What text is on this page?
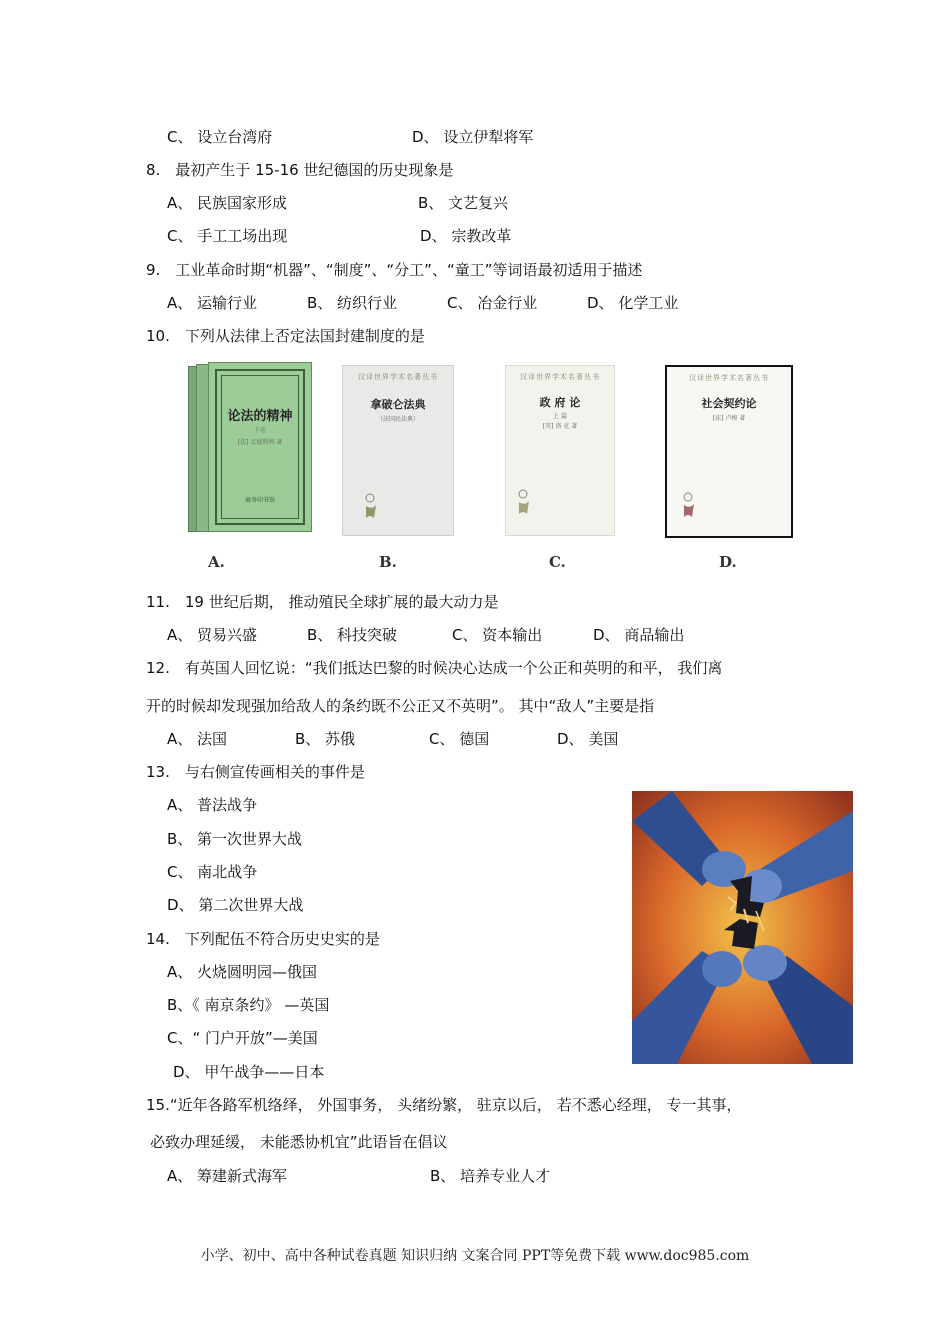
C、 设立台湾府	D、 设立伊犁将军
8.　最初产生于 15-16 世纪德国的历史现象是
A、 民族国家形成	B、 文艺复兴
C、 手工工场出现	D、 宗教改革
9.　工业革命时期“机器”、“制度”、“分工”、“童工”等词语最初适用于描述
A、 运输行业	B、 纺织行业	C、 冶金行业	D、 化学工业
10.　下列从法律上否定法国封建制度的是
论法的精神
下卷
[法] 孟德斯鸠 著
商务印书馆
A.
汉译世界学术名著丛书
拿破仑法典
（法国民法典）
B.
汉译世界学术名著丛书
政 府 论
上 篇
[英] 洛 克 著
C.
汉译世界学术名著丛书
社会契约论
[法] 卢梭 著
D.
11.　19 世纪后期， 推动殖民全球扩展的最大动力是
A、 贸易兴盛	B、 科技突破	C、 资本输出	D、 商品输出
12.　有英国人回忆说：“我们抵达巴黎的时候决心达成一个公正和英明的和平， 我们离
开的时候却发现强加给敌人的条约既不公正又不英明”。 其中“敌人”主要是指
A、 法国	B、 苏俄	C、 德国	D、 美国
13.　与右侧宣传画相关的事件是
A、 普法战争
B、 第一次世界大战
C、 南北战争
D、 第二次世界大战
14.　下列配伍不符合历史史实的是
A、 火烧圆明园—俄国
B、《 南京条约》 —英国
C、“ 门户开放”—美国
D、 甲午战争——日本
15.“近年各路军机络绎， 外国事务， 头绪纷繁， 驻京以后， 若不悉心经理， 专一其事，
必致办理延缓， 未能悉协机宜”此语旨在倡议
A、 筹建新式海军	B、 培养专业人才
小学、初中、高中各种试卷真题 知识归纳 文案合同 PPT等免费下载 www.doc985.com
